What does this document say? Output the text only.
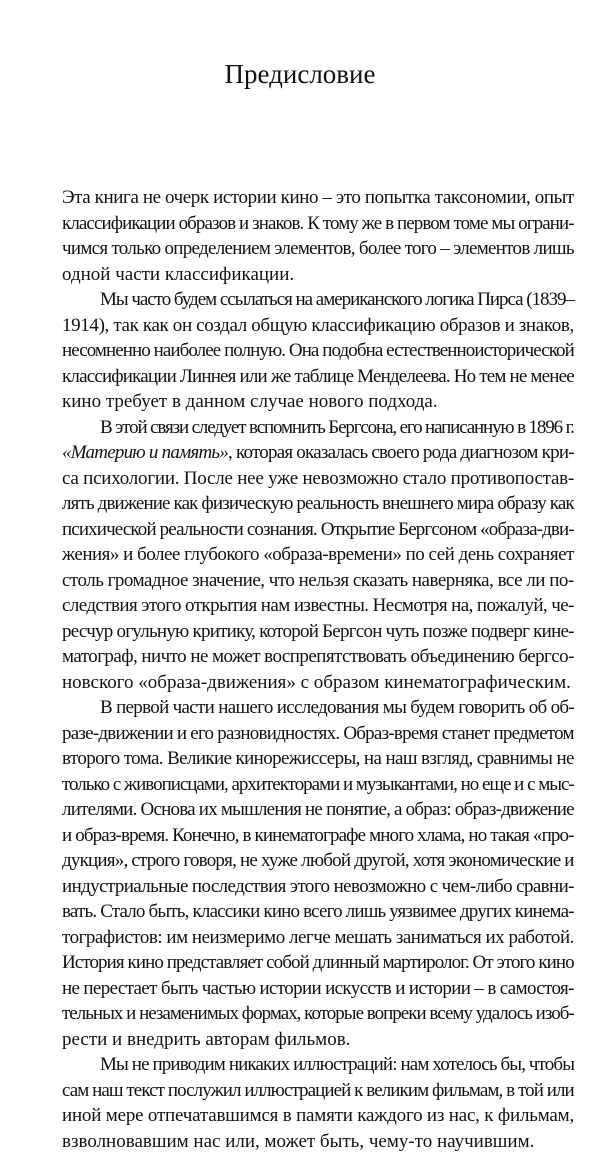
Предисловие
Эта книга не очерк истории кино – это попытка таксономии, опыт
классификации образов и знаков. К тому же в первом томе мы ограни-
чимся только определением элементов, более того – элементов лишь
одной части классификации.
Мы часто будем ссылаться на американского логика Пирса (1839–
1914), так как он создал общую классификацию образов и знаков,
несомненно наиболее полную. Она подобна естественноисторической
классификации Линнея или же таблице Менделеева. Но тем не менее
кино требует в данном случае нового подхода.
В этой связи следует вспомнить Бергсона, его написанную в 1896 г.
«Материю и память», которая оказалась своего рода диагнозом кри-
са психологии. После нее уже невозможно стало противопостав-
лять движение как физическую реальность внешнего мира образу как
психической реальности сознания. Открытие Бергсоном «образа-дви-
жения» и более глубокого «образа-времени» по сей день сохраняет
столь громадное значение, что нельзя сказать наверняка, все ли по-
следствия этого открытия нам известны. Несмотря на, пожалуй, че-
ресчур огульную критику, которой Бергсон чуть позже подверг кине-
матограф, ничто не может воспрепятствовать объединению бергсо-
новского «образа-движения» с образом кинематографическим.
В первой части нашего исследования мы будем говорить об об-
разе-движении и его разновидностях. Образ-время станет предметом
второго тома. Великие кинорежиссеры, на наш взгляд, сравнимы не
только с живописцами, архитекторами и музыкантами, но еще и с мыс-
лителями. Основа их мышления не понятие, а образ: образ-движение
и образ-время. Конечно, в кинематографе много хлама, но такая «про-
дукция», строго говоря, не хуже любой другой, хотя экономические и
индустриальные последствия этого невозможно с чем-либо сравни-
вать. Стало быть, классики кино всего лишь уязвимее других кинема-
тографистов: им неизмеримо легче мешать заниматься их работой.
История кино представляет собой длинный мартиролог. От этого кино
не перестает быть частью истории искусств и истории – в самостоя-
тельных и незаменимых формах, которые вопреки всему удалось изоб-
рести и внедрить авторам фильмов.
Мы не приводим никаких иллюстраций: нам хотелось бы, чтобы
сам наш текст послужил иллюстрацией к великим фильмам, в той или
иной мере отпечатавшимся в памяти каждого из нас, к фильмам,
взволновавшим нас или, может быть, чему-то научившим.
